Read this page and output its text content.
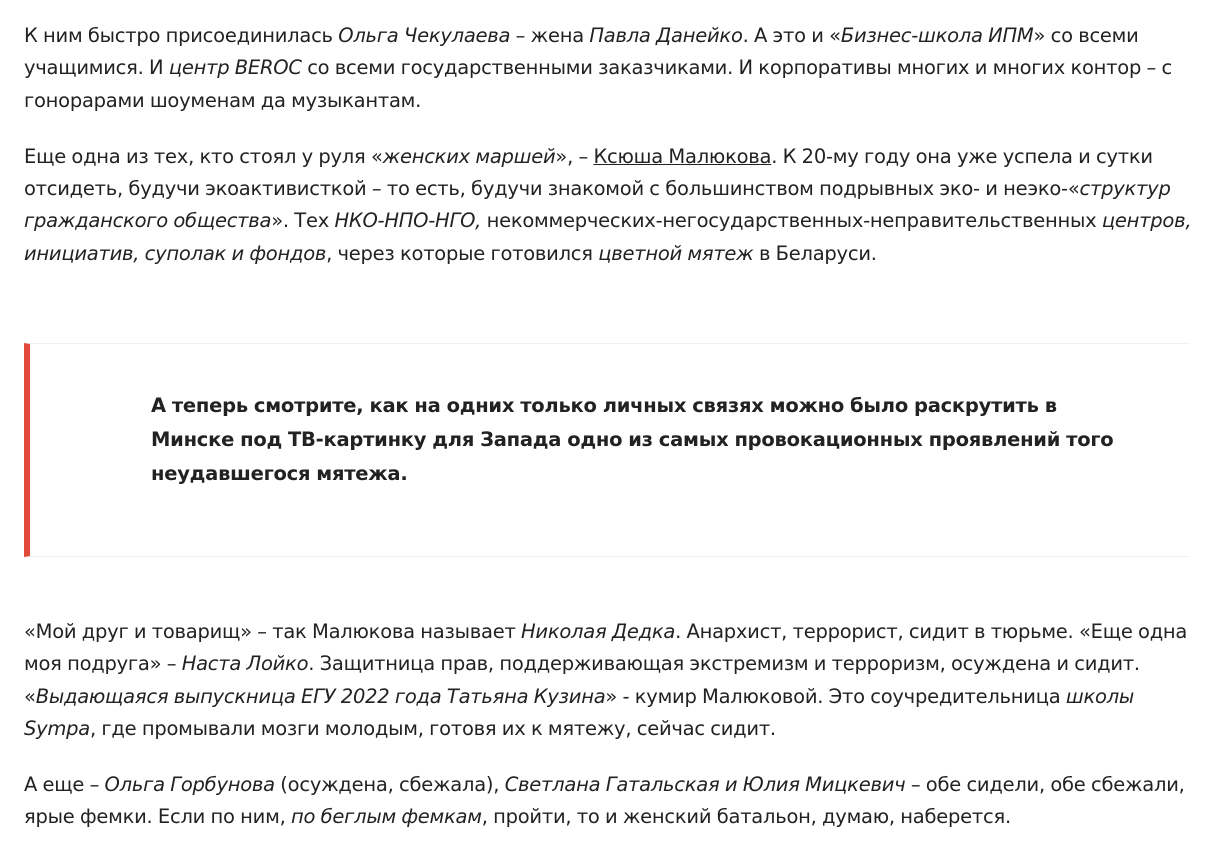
К ним быстро присоединилась Ольга Чекулаева – жена Павла Данейко. А это и «Бизнес-школа ИПМ» со всеми учащимися. И центр BEROC со всеми государственными заказчиками. И корпоративы многих и многих контор – с гонорарами шоуменам да музыкантам.

Еще одна из тех, кто стоял у руля «женских маршей», – Ксюша Малюкова. К 20-му году она уже успела и сутки отсидеть, будучи экоактивисткой – то есть, будучи знакомой с большинством подрывных эко- и неэко-«структур гражданского общества». Тех НКО-НПО-НГО, некоммерческих-негосударственных-неправительственных центров, инициатив, суполак и фондов, через которые готовился цветной мятеж в Беларуси.

А теперь смотрите, как на одних только личных связях можно было раскрутить в Минске под ТВ-картинку для Запада одно из самых провокационных проявлений того неудавшегося мятежа.

«Мой друг и товарищ» – так Малюкова называет Николая Дедка. Анархист, террорист, сидит в тюрьме. «Еще одна моя подруга» – Наста Лойко. Защитница прав, поддерживающая экстремизм и терроризм, осуждена и сидит. «Выдающаяся выпускница ЕГУ 2022 года Татьяна Кузина» - кумир Малюковой. Это соучредительница школы Sympa, где промывали мозги молодым, готовя их к мятежу, сейчас сидит.

А еще – Ольга Горбунова (осуждена, сбежала), Светлана Гатальская и Юлия Мицкевич – обе сидели, обе сбежали, ярые фемки. Если по ним, по беглым фемкам, пройти, то и женский батальон, думаю, наберется.
